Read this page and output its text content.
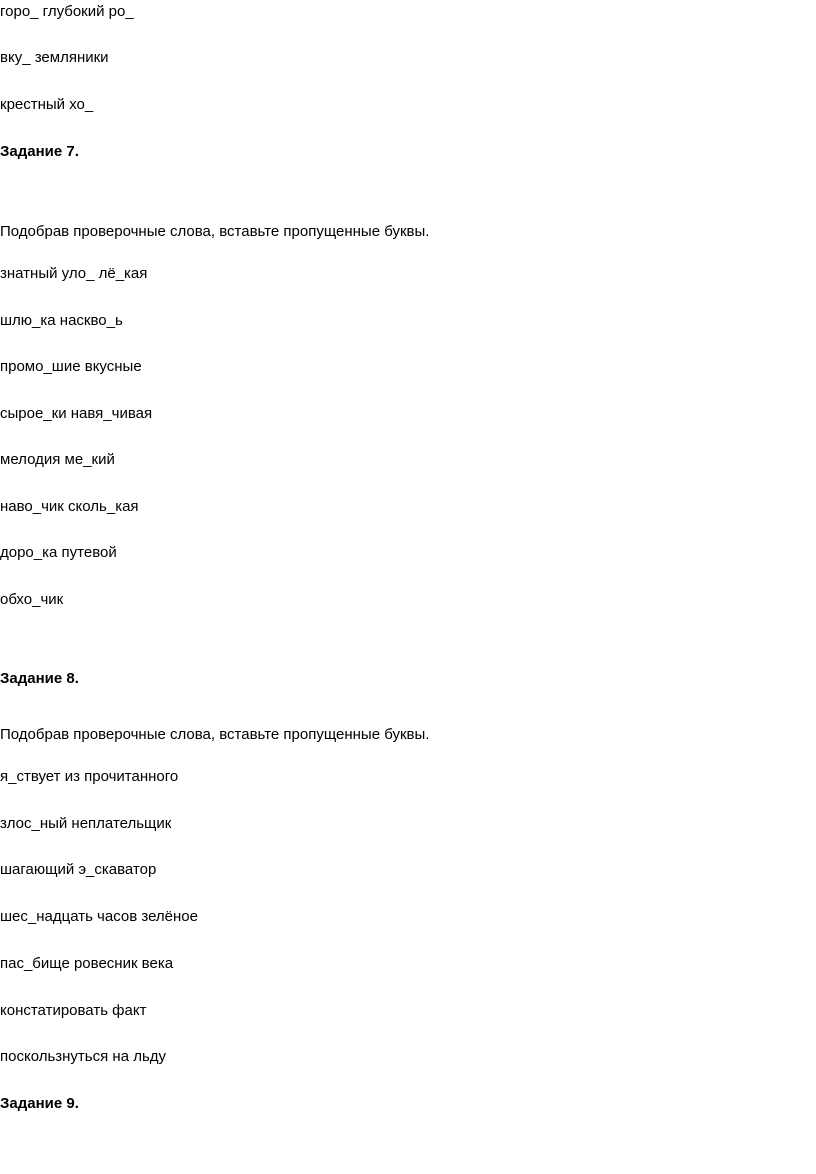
горо_ глубокий ро_
вку_ земляники
крестный хо_
Задание 7.
Подобрав проверочные слова, вставьте пропущенные буквы.
знатный уло_ лё_кая
шлю_ка наскво_ь
промо_шие вкусные
сырое_ки навя_чивая
мелодия ме_кий
наво_чик сколь_кая
доро_ка путевой
обхо_чик
Задание 8.
Подобрав проверочные слова, вставьте пропущенные буквы.
я_ствует из прочитанного
злос_ный неплательщик
шагающий э_скаватор
шес_надцать часов зелёное
пас_бище ровесник века
констатировать факт
поскользнуться на льду
Задание 9.
